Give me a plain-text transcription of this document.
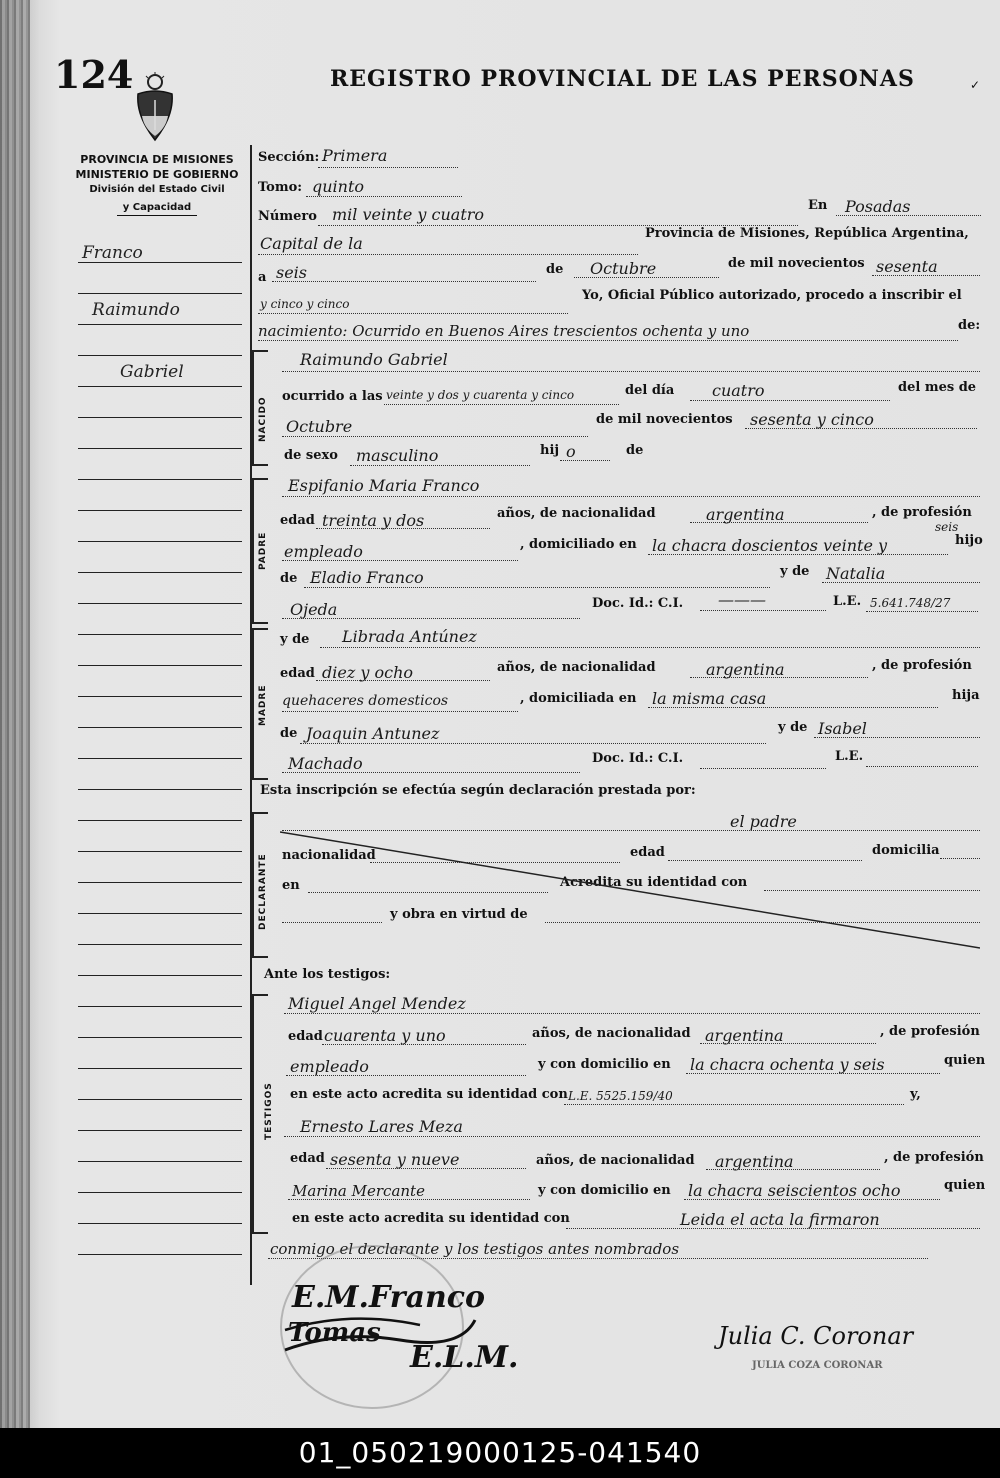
124	REGISTRO PROVINCIAL DE LAS PERSONAS	✓
PROVINCIA DE MISIONES
MINISTERIO DE GOBIERNO
División del Estado Civil
y Capacidad
Franco
Raimundo
Gabriel
Sección: Primera
Tomo: quinto
Número mil veinte y cuatro	En Posadas
Capital de la
Provincia de Misiones, República Argentina,
a seis	de Octubre	de mil novecientos sesenta
y cinco y cinco
Yo, Oficial Público autorizado, procedo a inscribir el
nacimiento: Ocurrido en Buenos Aires trescientos ochenta y uno	de:
NACIDO
Raimundo Gabriel
ocurrido a las veinte y dos y cuarenta y cinco	del día cuatro	del mes de
Octubre	de mil novecientos sesenta y cinco
de sexo masculino	hij o	de
PADRE
Espifanio Maria Franco
edad treinta y dos	años, de nacionalidad	argentina	, de profesión
empleado	, domiciliado en la chacra doscientos veinte y
seis
hijo
de Eladio Franco	y de Natalia
Ojeda	Doc. Id.: C.I. ———	L.E. 5.641.748/27
MADRE
y de Librada Antúnez
edad diez y ocho	años, de nacionalidad	argentina	, de profesión
quehaceres domesticos	, domiciliada en la misma casa	hija
de Joaquin Antunez	y de Isabel
Machado	Doc. Id.: C.I.	L.E.
Esta inscripción se efectúa según declaración prestada por:
DECLARANTE
el padre
nacionalidad	edad	domicilia
en	Acredita su identidad con
y obra en virtud de
Ante los testigos:
TESTIGOS
Miguel Angel Mendez
edad cuarenta y uno	años, de nacionalidad argentina	, de profesión
empleado	y con domicilio en la chacra ochenta y seis	quien
en este acto acredita su identidad con L.E. 5525.159/40	y,
Ernesto Lares Meza
edad sesenta y nueve	años, de nacionalidad argentina	, de profesión
Marina Mercante	y con domicilio en la chacra seiscientos ocho	quien
en este acto acredita su identidad con	Leida el acta la firmaron
conmigo el declarante y los testigos antes nombrados
E.M.Franco
Tomas
E.L.M.
Julia C. Coronar
JULIA COZA CORONAR
01_050219000125-041540
